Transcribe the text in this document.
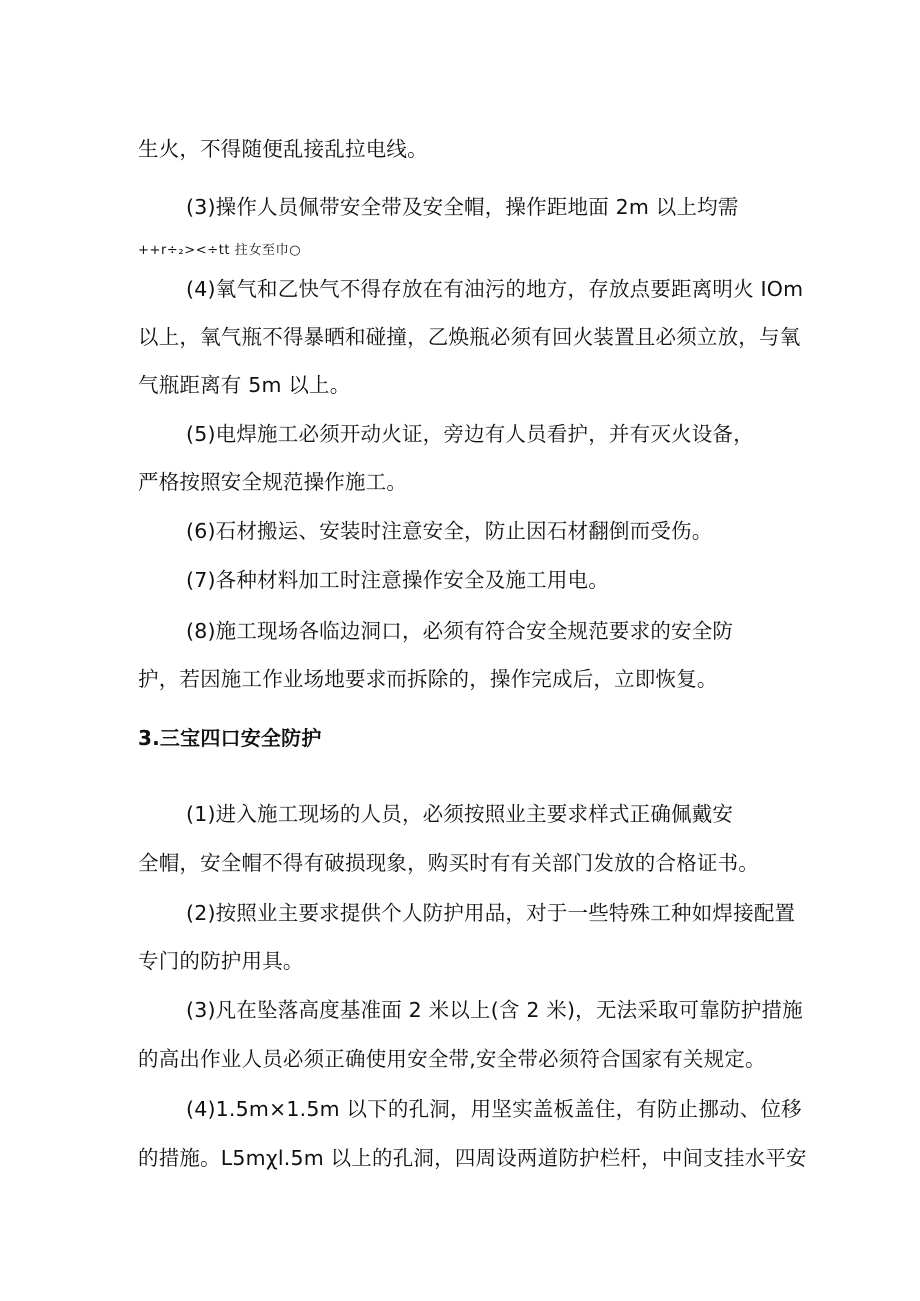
生火，不得随便乱接乱拉电线。
(3)操作人员佩带安全带及安全帽，操作距地面 2m 以上均需
++r÷₂><÷tt 拄女至巾○
(4)氧气和乙快气不得存放在有油污的地方，存放点要距离明火 IOm
以上，氧气瓶不得暴晒和碰撞，乙焕瓶必须有回火装置且必须立放，与氧
气瓶距离有 5m 以上。
(5)电焊施工必须开动火证，旁边有人员看护，并有灭火设备，
严格按照安全规范操作施工。
(6)石材搬运、安装时注意安全，防止因石材翻倒而受伤。
(7)各种材料加工时注意操作安全及施工用电。
(8)施工现场各临边洞口，必须有符合安全规范要求的安全防
护，若因施工作业场地要求而拆除的，操作完成后，立即恢复。
3.三宝四口安全防护
(1)进入施工现场的人员，必须按照业主要求样式正确佩戴安
全帽，安全帽不得有破损现象，购买时有有关部门发放的合格证书。
(2)按照业主要求提供个人防护用品，对于一些特殊工种如焊接配置
专门的防护用具。
(3)凡在坠落高度基准面 2 米以上(含 2 米)，无法采取可靠防护措施
的高出作业人员必须正确使用安全带,安全带必须符合国家有关规定。
(4)1.5m×1.5m 以下的孔洞，用坚实盖板盖住，有防止挪动、位移
的措施。L5mχl.5m 以上的孔洞，四周设两道防护栏杆，中间支挂水平安
